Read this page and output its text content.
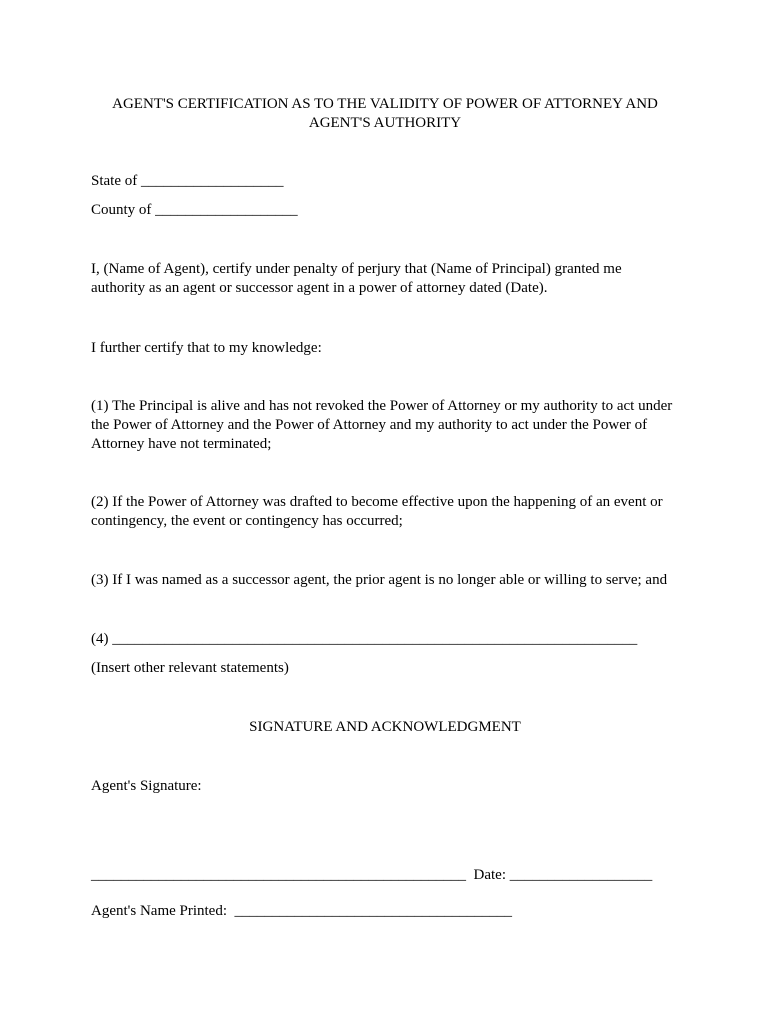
AGENT'S CERTIFICATION AS TO THE VALIDITY OF POWER OF ATTORNEY AND
AGENT'S AUTHORITY
State of ___________________
County of ___________________
I, (Name of Agent), certify under penalty of perjury that (Name of Principal) granted me
authority as an agent or successor agent in a power of attorney dated (Date).
I further certify that to my knowledge:
(1) The Principal is alive and has not revoked the Power of Attorney or my authority to act under
the Power of Attorney and the Power of Attorney and my authority to act under the Power of
Attorney have not terminated;
(2) If the Power of Attorney was drafted to become effective upon the happening of an event or
contingency, the event or contingency has occurred;
(3) If I was named as a successor agent, the prior agent is no longer able or willing to serve; and
(4) ______________________________________________________________________
(Insert other relevant statements)
SIGNATURE AND ACKNOWLEDGMENT
Agent's Signature:
__________________________________________________  Date: ___________________
Agent's Name Printed:  _____________________________________
